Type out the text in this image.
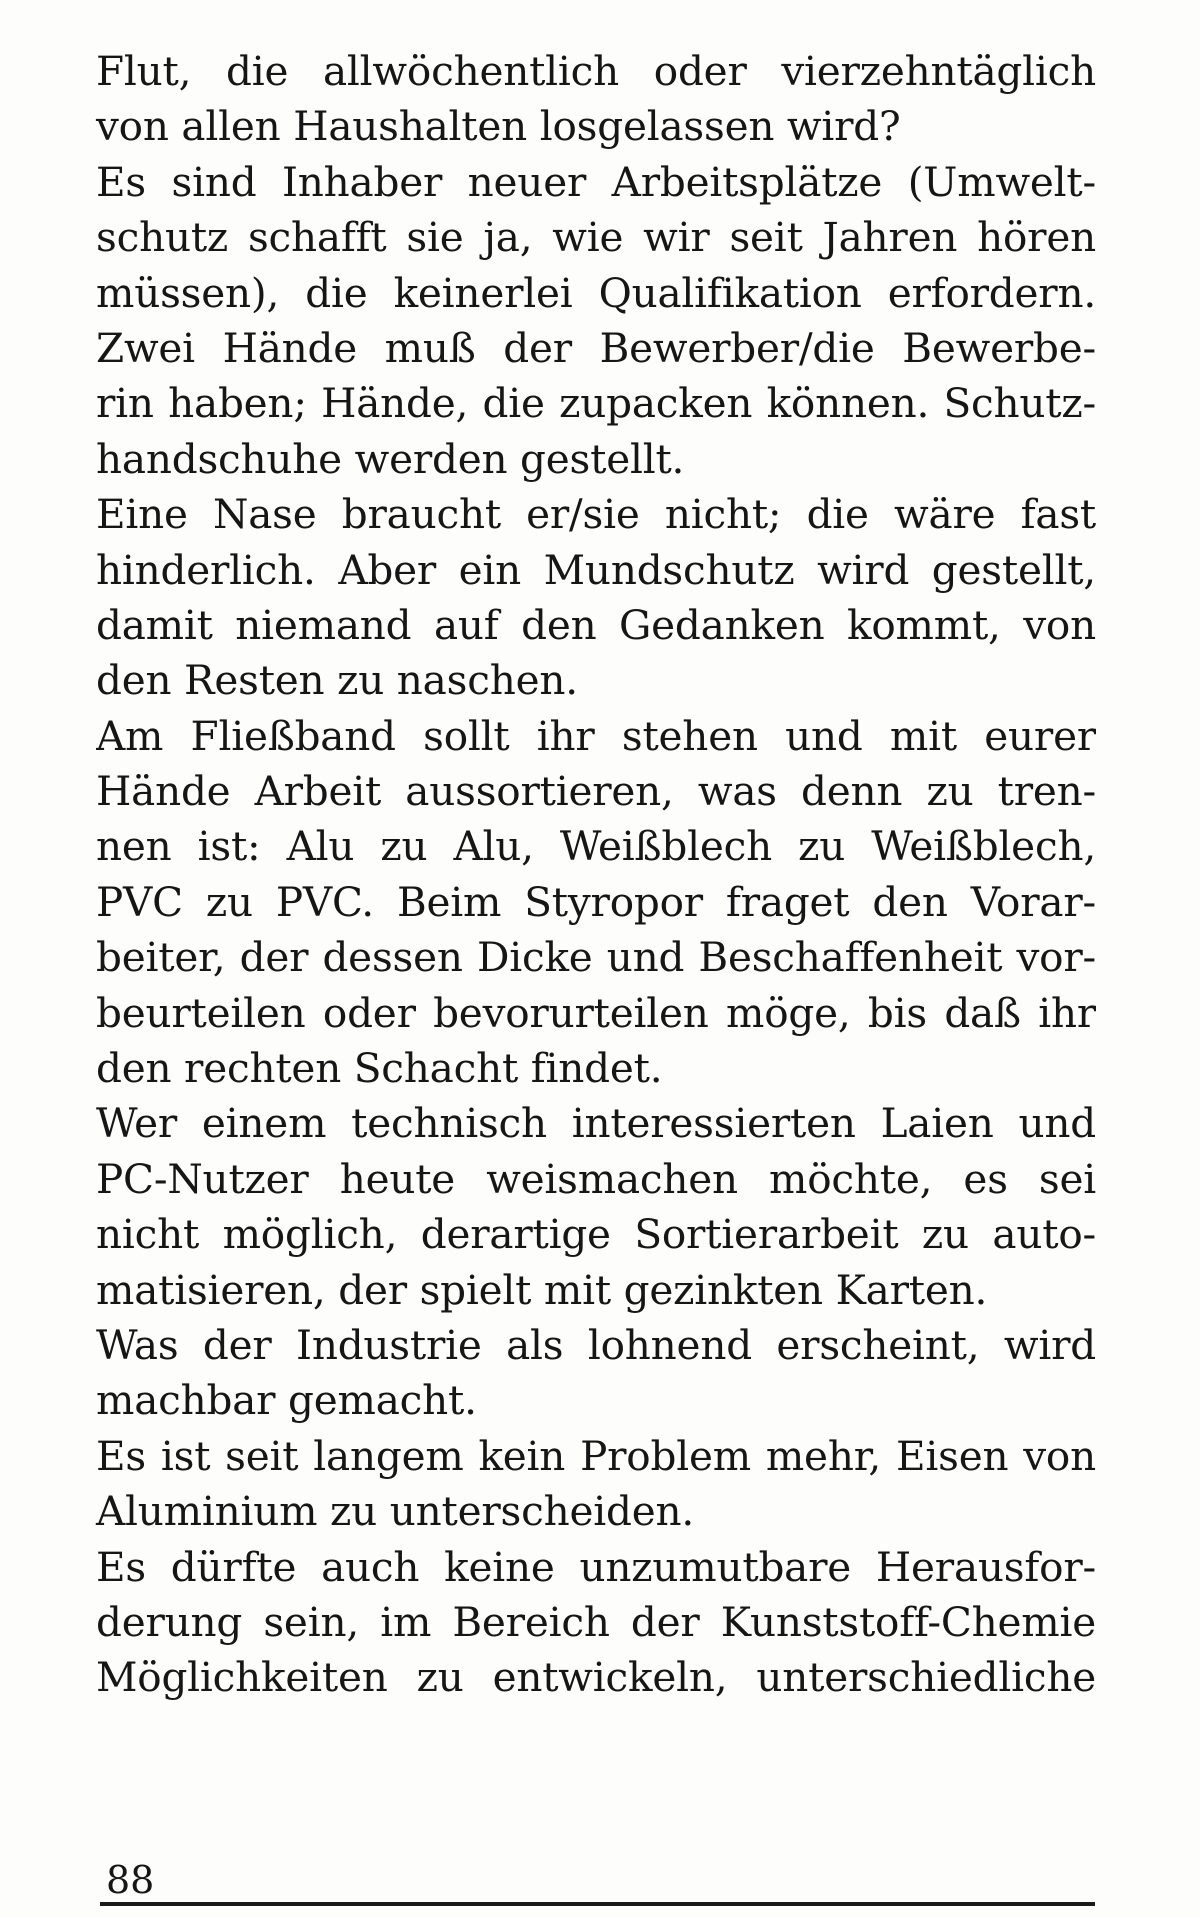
Flut, die allwöchentlich oder vierzehntäglich
von allen Haushalten losgelassen wird?
Es sind Inhaber neuer Arbeitsplätze (Umwelt-
schutz schafft sie ja, wie wir seit Jahren hören
müssen), die keinerlei Qualifikation erfordern.
Zwei Hände muß der Bewerber/die Bewerbe-
rin haben; Hände, die zupacken können. Schutz-
handschuhe werden gestellt.
Eine Nase braucht er/sie nicht; die wäre fast
hinderlich. Aber ein Mundschutz wird gestellt,
damit niemand auf den Gedanken kommt, von
den Resten zu naschen.
Am Fließband sollt ihr stehen und mit eurer
Hände Arbeit aussortieren, was denn zu tren-
nen ist: Alu zu Alu, Weißblech zu Weißblech,
PVC zu PVC. Beim Styropor fraget den Vorar-
beiter, der dessen Dicke und Beschaffenheit vor-
beurteilen oder bevorurteilen möge, bis daß ihr
den rechten Schacht findet.
Wer einem technisch interessierten Laien und
PC-Nutzer heute weismachen möchte, es sei
nicht möglich, derartige Sortierarbeit zu auto-
matisieren, der spielt mit gezinkten Karten.
Was der Industrie als lohnend erscheint, wird
machbar gemacht.
Es ist seit langem kein Problem mehr, Eisen von
Aluminium zu unterscheiden.
Es dürfte auch keine unzumutbare Herausfor-
derung sein, im Bereich der Kunststoff-Chemie
Möglichkeiten zu entwickeln, unterschiedliche
88
